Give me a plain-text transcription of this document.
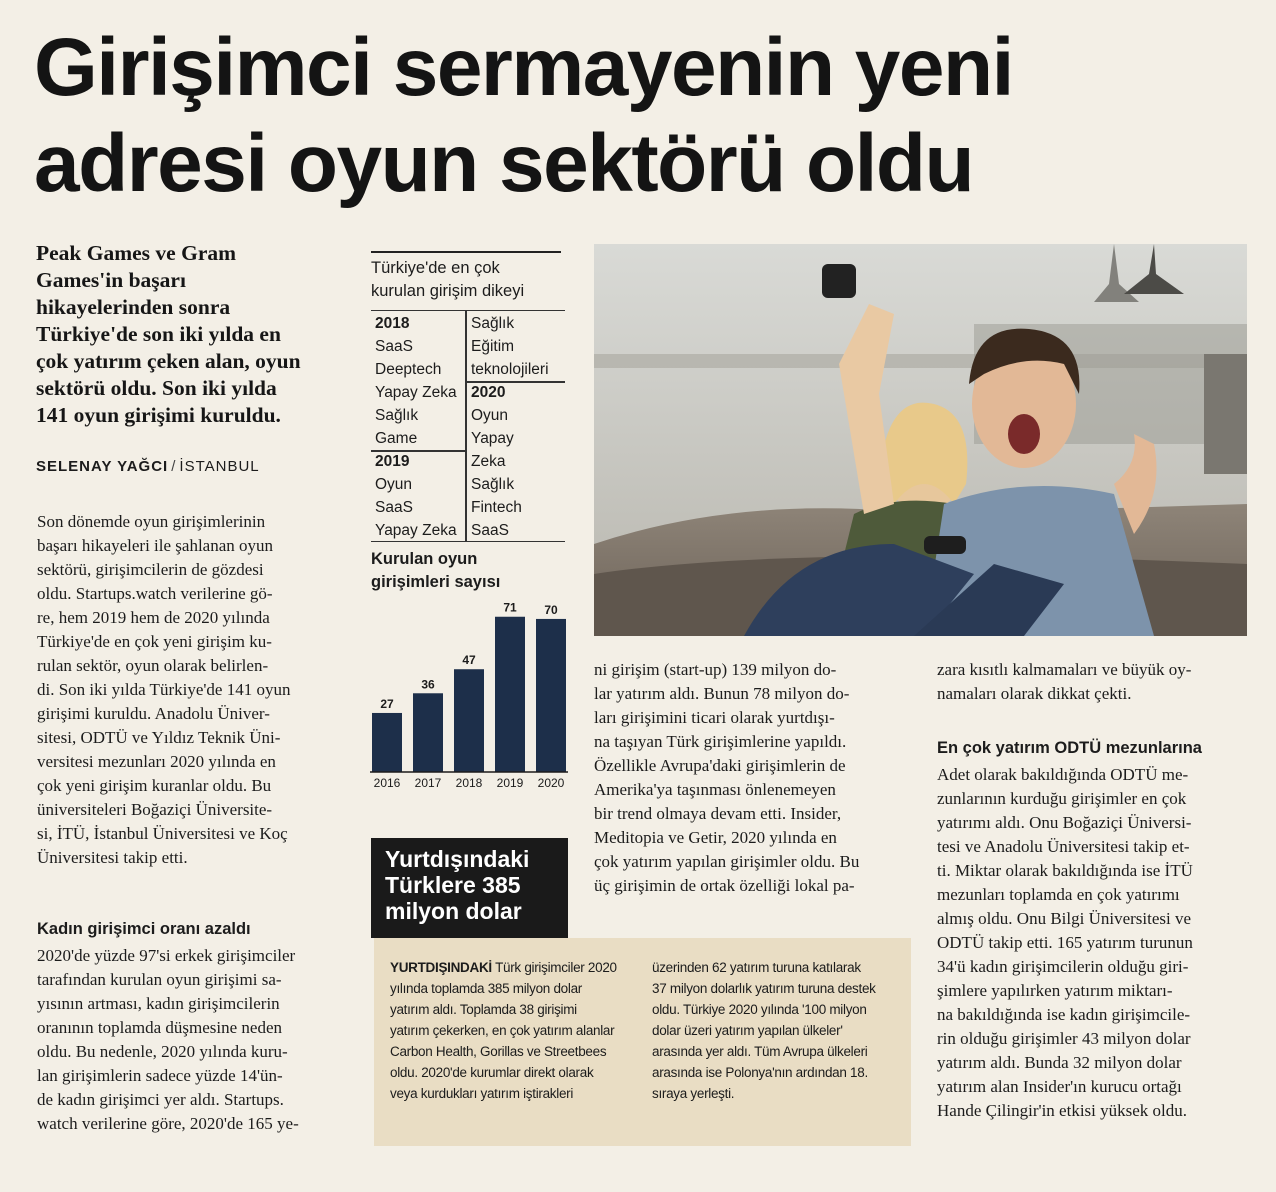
Girişimci sermayenin yeni
adresi oyun sektörü oldu
Peak Games ve Gram
Games'in başarı
hikayelerinden sonra
Türkiye'de son iki yılda en
çok yatırım çeken alan, oyun
sektörü oldu. Son iki yılda
141 oyun girişimi kuruldu.
SELENAY YAĞCI / İSTANBUL
Son dönemde oyun girişimlerinin
başarı hikayeleri ile şahlanan oyun
sektörü, girişimcilerin de gözdesi
oldu. Startups.watch verilerine gö-
re, hem 2019 hem de 2020 yılında
Türkiye'de en çok yeni girişim ku-
rulan sektör, oyun olarak belirlen-
di. Son iki yılda Türkiye'de 141 oyun
girişimi kuruldu. Anadolu Üniver-
sitesi, ODTÜ ve Yıldız Teknik Üni-
versitesi mezunları 2020 yılında en
çok yeni girişim kuranlar oldu. Bu
üniversiteleri Boğaziçi Üniversite-
si, İTÜ, İstanbul Üniversitesi ve Koç
Üniversitesi takip etti.
Kadın girişimci oranı azaldı
2020'de yüzde 97'si erkek girişimciler
tarafından kurulan oyun girişimi sa-
yısının artması, kadın girişimcilerin
oranının toplamda düşmesine neden
oldu. Bu nedenle, 2020 yılında kuru-
lan girişimlerin sadece yüzde 14'ün-
de kadın girişimci yer aldı. Startups.
watch verilerine göre, 2020'de 165 ye-
Türkiye'de en çok
kurulan girişim dikeyi
2018
SaaS
Deeptech
Yapay Zeka
Sağlık
Game
2019
Oyun
SaaS
Yapay Zeka
Sağlık
Eğitim
teknolojileri
2020
Oyun
Yapay
Zeka
Sağlık
Fintech
SaaS
Kurulan oyun
girişimleri sayısı
27
2016
36
2017
47
2018
71
2019
70
2020
ni girişim (start-up) 139 milyon do-
lar yatırım aldı. Bunun 78 milyon do-
ları girişimini ticari olarak yurtdışı-
na taşıyan Türk girişimlerine yapıldı.
Özellikle Avrupa'daki girişimlerin de
Amerika'ya taşınması önlenemeyen
bir trend olmaya devam etti. Insider,
Meditopia ve Getir, 2020 yılında en
çok yatırım yapılan girişimler oldu. Bu
üç girişimin de ortak özelliği lokal pa-
zara kısıtlı kalmamaları ve büyük oy-
namaları olarak dikkat çekti.
En çok yatırım ODTÜ mezunlarına
Adet olarak bakıldığında ODTÜ me-
zunlarının kurduğu girişimler en çok
yatırımı aldı. Onu Boğaziçi Üniversi-
tesi ve Anadolu Üniversitesi takip et-
ti. Miktar olarak bakıldığında ise İTÜ
mezunları toplamda en çok yatırımı
almış oldu. Onu Bilgi Üniversitesi ve
ODTÜ takip etti. 165 yatırım turunun
34'ü kadın girişimcilerin olduğu giri-
şimlere yapılırken yatırım miktarı-
na bakıldığında ise kadın girişimcile-
rin olduğu girişimler 43 milyon dolar
yatırım aldı. Bunda 32 milyon dolar
yatırım alan Insider'ın kurucu ortağı
Hande Çilingir'in etkisi yüksek oldu.
Yurtdışındaki
Türklere 385
milyon dolar
YURTDIŞINDAKİ Türk girişimciler 2020
yılında toplamda 385 milyon dolar
yatırım aldı. Toplamda 38 girişimi
yatırım çekerken, en çok yatırım alanlar
Carbon Health, Gorillas ve Streetbees
oldu. 2020'de kurumlar direkt olarak
veya kurdukları yatırım iştirakleri
üzerinden 62 yatırım turuna katılarak
37 milyon dolarlık yatırım turuna destek
oldu. Türkiye 2020 yılında '100 milyon
dolar üzeri yatırım yapılan ülkeler'
arasında yer aldı. Tüm Avrupa ülkeleri
arasında ise Polonya'nın ardından 18.
sıraya yerleşti.
